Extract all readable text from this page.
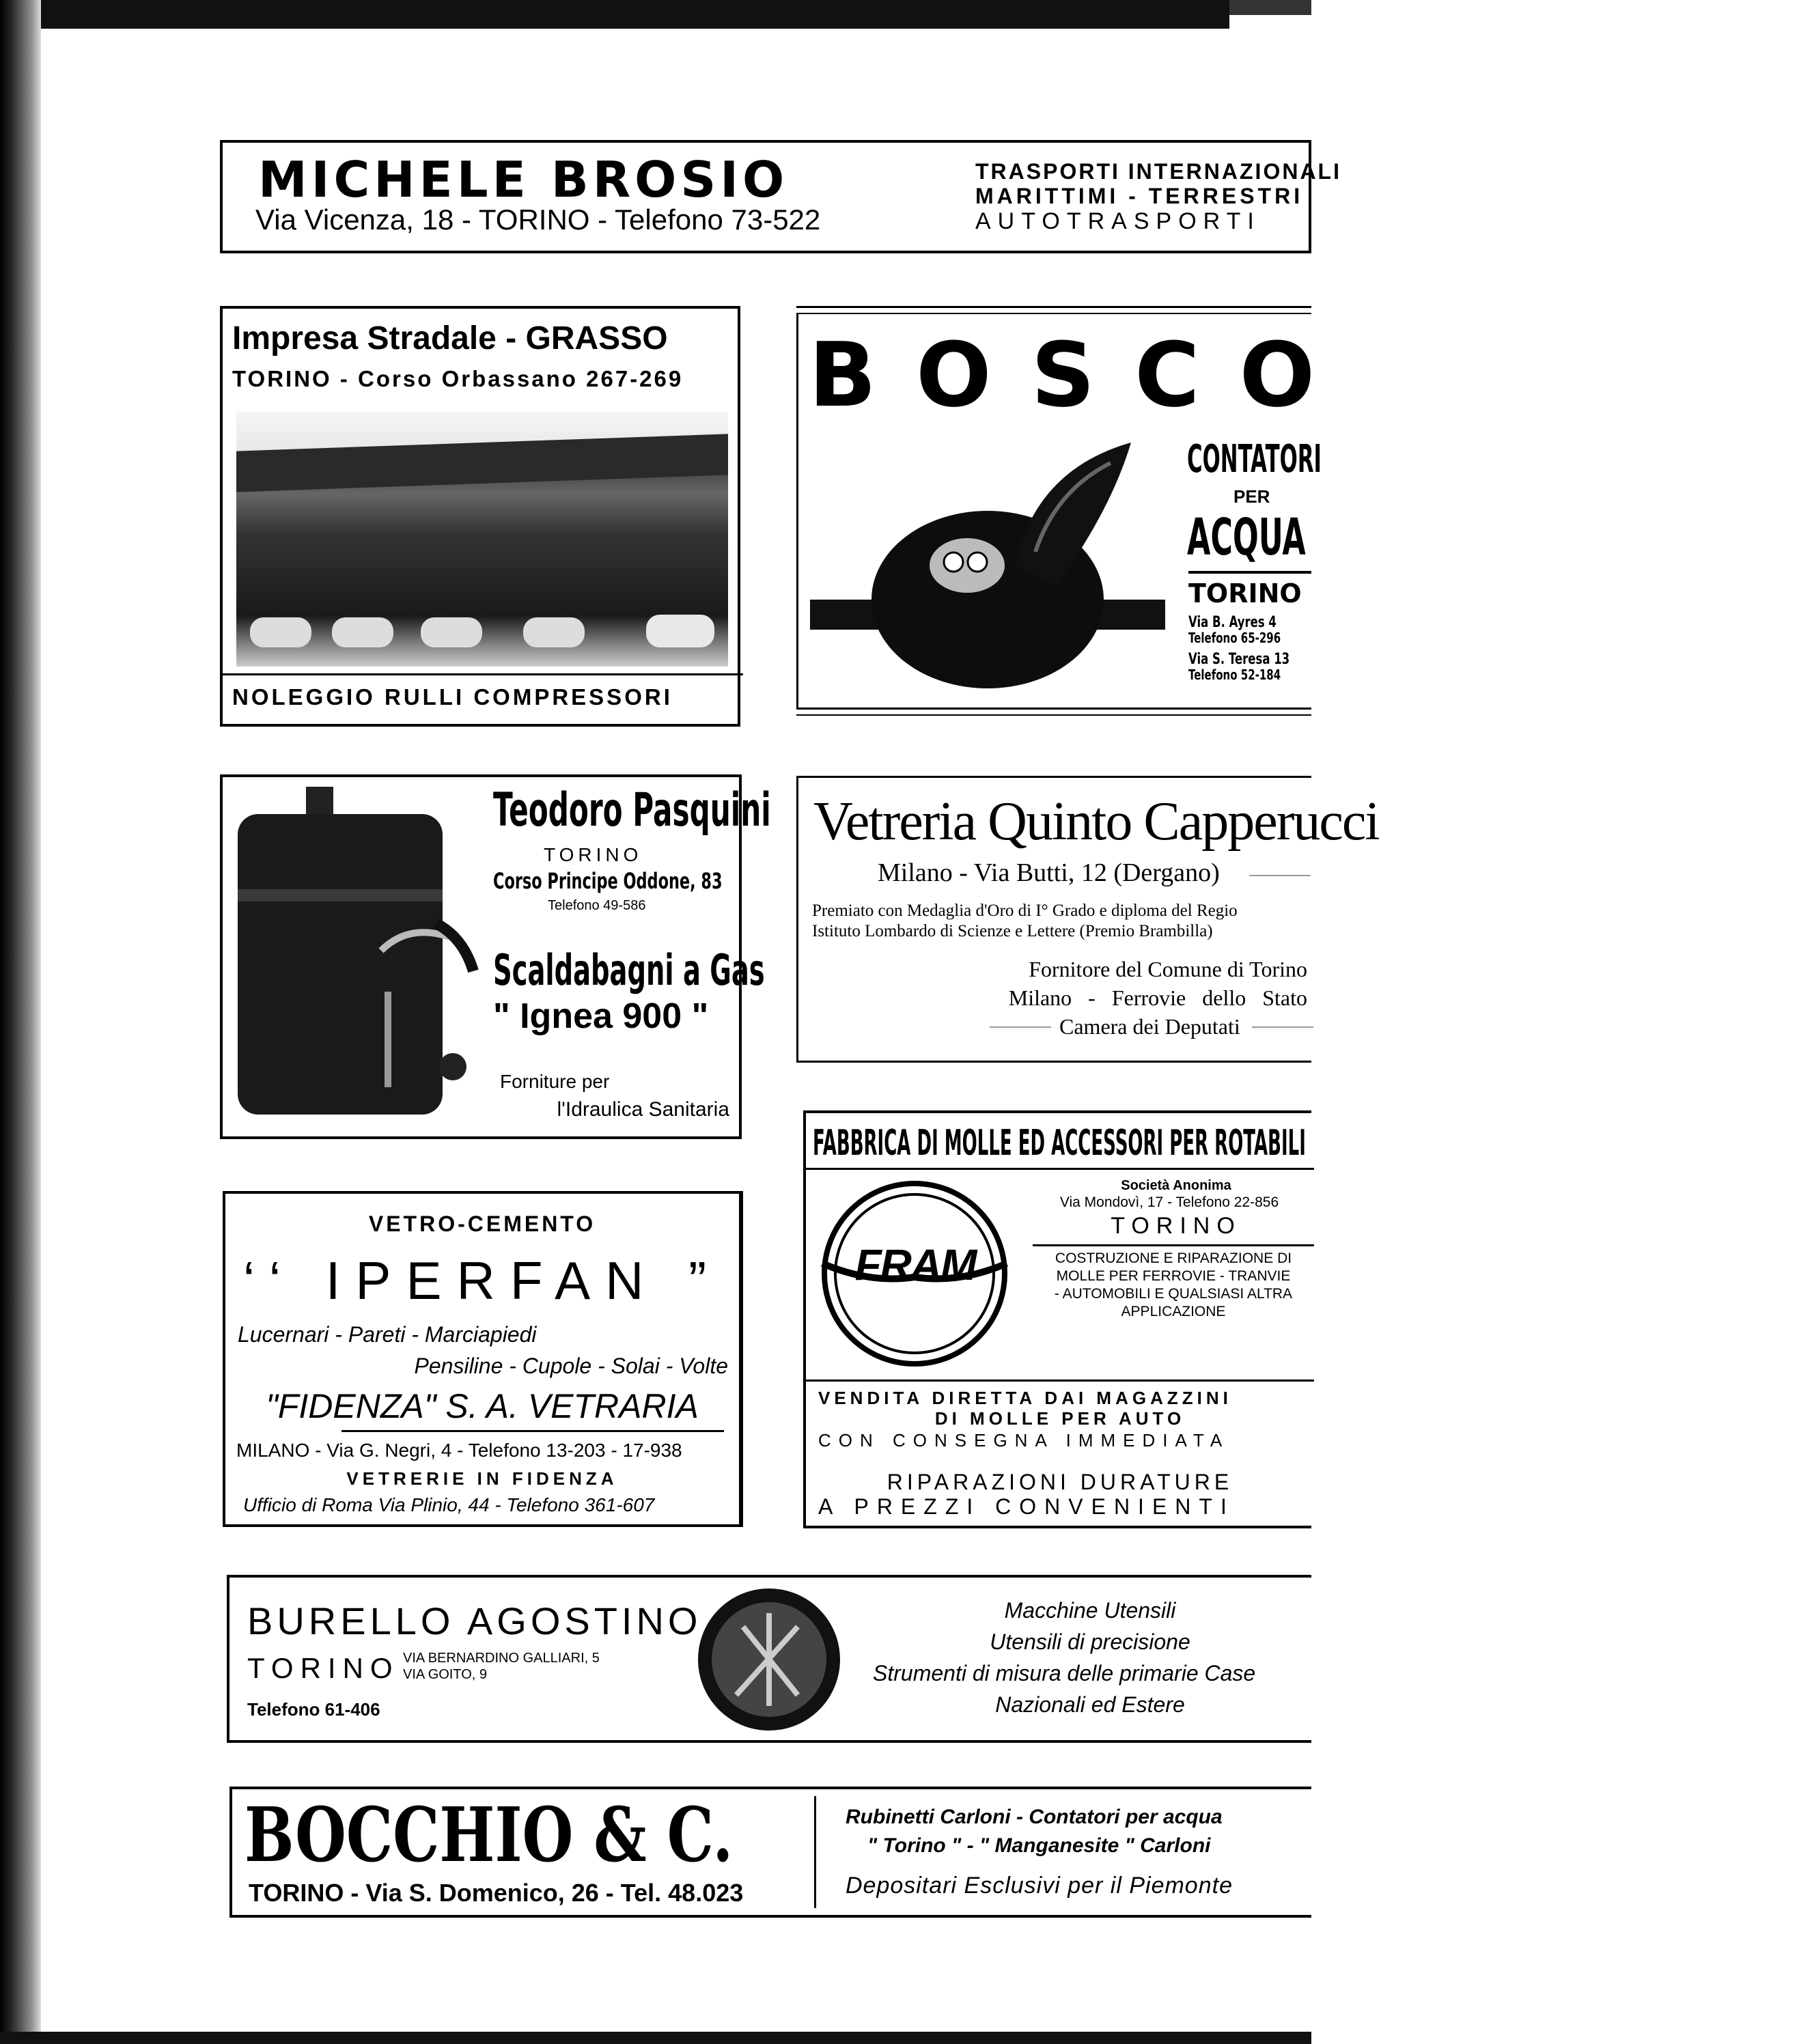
MICHELE BROSIO
Via Vicenza, 18 - TORINO - Telefono 73-522
TRASPORTI INTERNAZIONALI
MARITTIMI - TERRESTRI
AUTOTRASPORTI
Impresa Stradale - GRASSO
TORINO - Corso Orbassano 267-269
NOLEGGIO RULLI COMPRESSORI
BOSCO
CONTATORI
PER
ACQUA
TORINO
Via B. Ayres 4
Telefono 65-296
Via S. Teresa 13
Telefono 52-184
Teodoro Pasquini
TORINO
Corso Principe Oddone, 83
Telefono 49-586
Scaldabagni a Gas
" Ignea 900 "
Forniture per
l'Idraulica Sanitaria
Vetreria Quinto Capperucci
Milano - Via Butti, 12 (Dergano)
Premiato con Medaglia d'Oro di I° Grado e diploma del Regio
Istituto Lombardo di Scienze e Lettere (Premio Brambilla)
Fornitore del Comune di Torino
Milano - Ferrovie dello Stato
Camera dei Deputati
VETRO-CEMENTO
‘‘ IPERFAN ”
Lucernari - Pareti - Marciapiedi
Pensiline - Cupole - Solai - Volte
"FIDENZA" S. A. VETRARIA
MILANO - Via G. Negri, 4 - Telefono 13-203 - 17-938
VETRERIE IN FIDENZA
Ufficio di Roma Via Plinio, 44 - Telefono 361-607
FABBRICA DI MOLLE ED ACCESSORI PER ROTABILI
FRAM
Società Anonima
Via Mondovì, 17 - Telefono 22-856
TORINO
COSTRUZIONE E RIPARAZIONE DI
MOLLE PER FERROVIE - TRANVIE
- AUTOMOBILI E QUALSIASI ALTRA
APPLICAZIONE
VENDITA DIRETTA DAI MAGAZZINI
DI MOLLE PER AUTO
CON CONSEGNA IMMEDIATA
RIPARAZIONI DURATURE
A PREZZI CONVENIENTI
BURELLO AGOSTINO
TORINO VIA BERNARDINO GALLIARI, 5
VIA GOITO, 9
Telefono 61-406
Macchine Utensili
Utensili di precisione
Strumenti di misura delle primarie Case
Nazionali ed Estere
BOCCHIO & C.
TORINO - Via S. Domenico, 26 - Tel. 48.023
Rubinetti Carloni - Contatori per acqua
" Torino " - " Manganesite " Carloni
Depositari Esclusivi per il Piemonte
